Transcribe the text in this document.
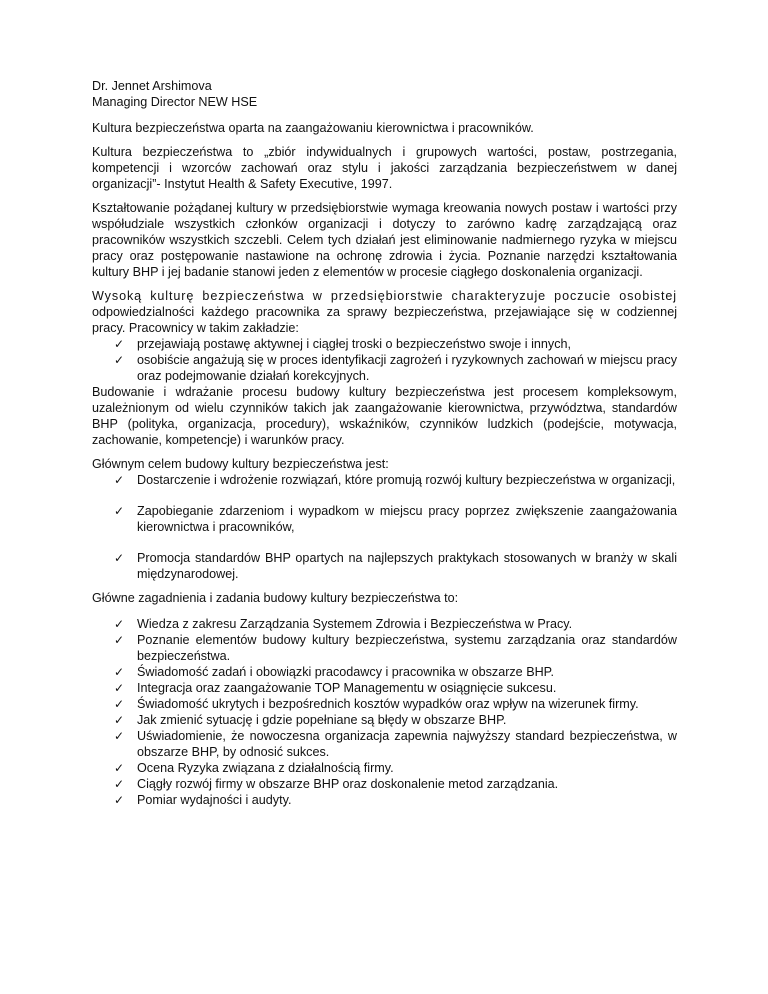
Dr. Jennet Arshimova

Managing Director NEW HSE

Kultura bezpieczeństwa oparta na zaangażowaniu kierownictwa i pracowników.

Kultura bezpieczeństwa to „zbiór indywidualnych i grupowych wartości, postaw, postrzegania, kompetencji i wzorców zachowań oraz stylu i jakości zarządzania bezpieczeństwem w danej organizacji”- Instytut Health & Safety Executive, 1997.

Kształtowanie pożądanej kultury w przedsiębiorstwie wymaga kreowania nowych postaw i wartości przy współudziale wszystkich członków organizacji i dotyczy to zarówno kadrę zarządzającą oraz pracowników wszystkich szczebli. Celem tych działań jest eliminowanie nadmiernego ryzyka w miejscu pracy oraz postępowanie nastawione na ochronę zdrowia i życia. Poznanie narzędzi kształtowania kultury BHP i jej badanie stanowi jeden z elementów w procesie ciągłego doskonalenia organizacji.

Wysoką kulturę bezpieczeństwa w przedsiębiorstwie charakteryzuje poczucie osobistej odpowiedzialności każdego pracownika za sprawy bezpieczeństwa, przejawiające się w codziennej pracy. Pracownicy w takim zakładzie:

✓ przejawiają postawę aktywnej i ciągłej troski o bezpieczeństwo swoje i innych,
✓ osobiście angażują się w proces identyfikacji zagrożeń i ryzykownych zachowań w miejscu pracy oraz podejmowanie działań korekcyjnych.

Budowanie i wdrażanie procesu budowy kultury bezpieczeństwa jest procesem kompleksowym, uzależnionym od wielu czynników takich jak zaangażowanie kierownictwa, przywództwa, standardów BHP (polityka, organizacja, procedury), wskaźników, czynników ludzkich (podejście, motywacja, zachowanie, kompetencje) i warunków pracy.

Głównym celem budowy kultury bezpieczeństwa jest:

✓ Dostarczenie i wdrożenie rozwiązań, które promują rozwój kultury bezpieczeństwa w organizacji,
✓ Zapobieganie zdarzeniom i wypadkom w miejscu pracy poprzez zwiększenie zaangażowania kierownictwa i pracowników,
✓ Promocja standardów BHP opartych na najlepszych praktykach stosowanych w branży w skali międzynarodowej.

Główne zagadnienia i zadania budowy kultury bezpieczeństwa to:

✓ Wiedza z zakresu Zarządzania Systemem Zdrowia i Bezpieczeństwa w Pracy.
✓ Poznanie elementów budowy kultury bezpieczeństwa, systemu zarządzania oraz standardów bezpieczeństwa.
✓ Świadomość zadań i obowiązki pracodawcy i pracownika w obszarze BHP.
✓ Integracja oraz zaangażowanie TOP Managementu w osiągnięcie sukcesu.
✓ Świadomość ukrytych i bezpośrednich kosztów wypadków oraz wpływ na wizerunek firmy.
✓ Jak zmienić sytuację i gdzie popełniane są błędy w obszarze BHP.
✓ Uświadomienie, że nowoczesna organizacja zapewnia najwyższy standard bezpieczeństwa, w obszarze BHP, by odnosić sukces.
✓ Ocena Ryzyka związana z działalnością firmy.
✓ Ciągły rozwój firmy w obszarze BHP oraz doskonalenie metod zarządzania.
✓ Pomiar wydajności i audyty.
